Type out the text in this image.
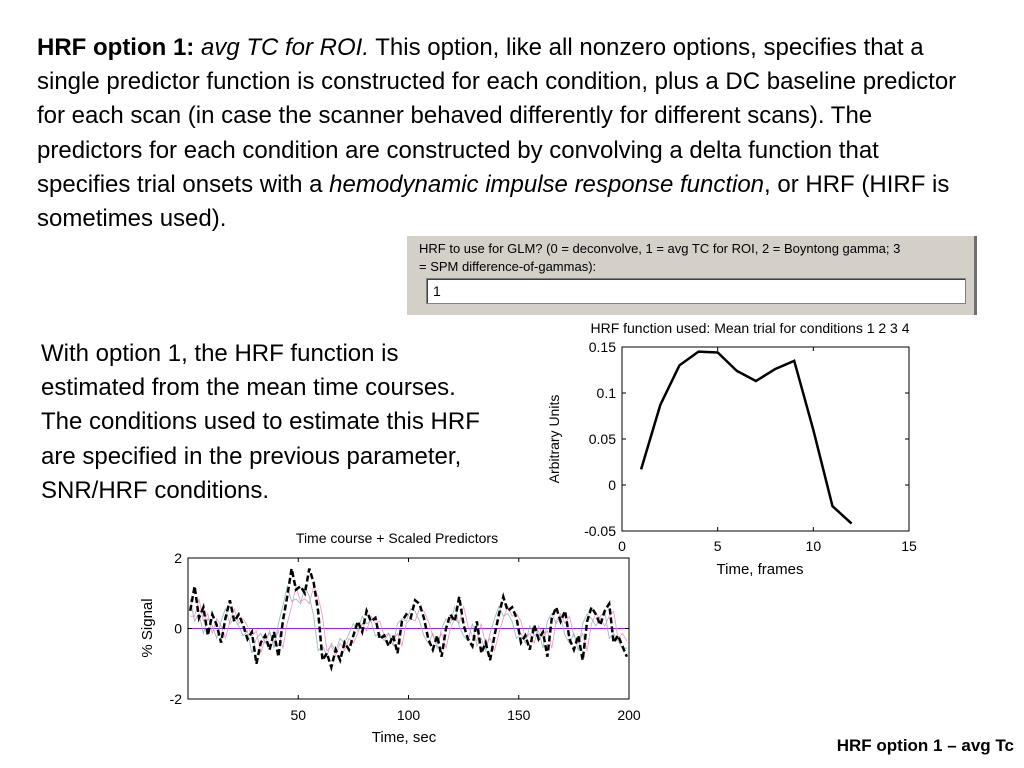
HRF option 1: avg TC for ROI. This option, like all nonzero options, specifies that a single predictor function is constructed for each condition, plus a DC baseline predictor for each scan (in case the scanner behaved differently for different scans). The predictors for each condition are constructed by convolving a delta function that specifies trial onsets with a hemodynamic impulse response function, or HRF (HIRF is sometimes used).

HRF to use for GLM? (0 = deconvolve, 1 = avg TC for ROI, 2 = Boyntong gamma; 3
= SPM difference-of-gammas):
1

With option 1, the HRF function is estimated from the mean time courses. The conditions used to estimate this HRF are specified in the previous parameter, SNR/HRF conditions.

HRF function used: Mean trial for conditions 1 2 3 4
0	5	10	15
-0.05
0
0.05
0.1
0.15
Arbitrary Units
Time, frames
Time course + Scaled Predictors
50	100	150	200
-2
0
2
% Signal
Time, sec	HRF option 1 – avg Tc
